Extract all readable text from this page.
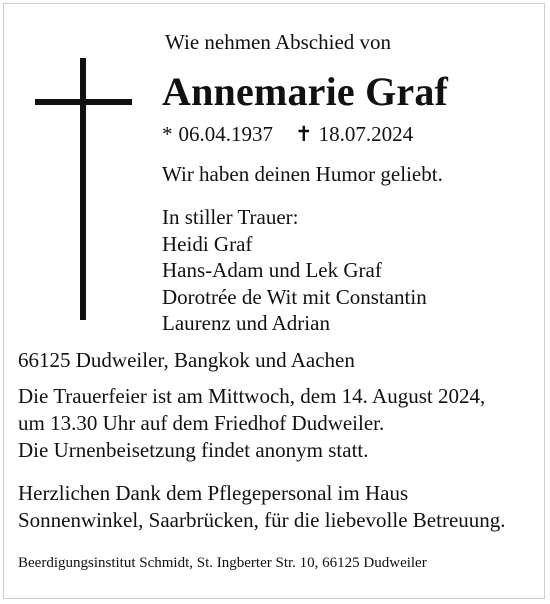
Wie nehmen Abschied von
Annemarie Graf
* 06.04.1937 ✝ 18.07.2024
Wir haben deinen Humor geliebt.
In stiller Trauer:
Heidi Graf
Hans-Adam und Lek Graf
Dorotrée de Wit mit Constantin
Laurenz und Adrian
66125 Dudweiler, Bangkok und Aachen
Die Trauerfeier ist am Mittwoch, dem 14. August 2024,
um 13.30 Uhr auf dem Friedhof Dudweiler.
Die Urnenbeisetzung findet anonym statt.
Herzlichen Dank dem Pflegepersonal im Haus
Sonnenwinkel, Saarbrücken, für die liebevolle Betreuung.
Beerdigungsinstitut Schmidt, St. Ingberter Str. 10, 66125 Dudweiler
